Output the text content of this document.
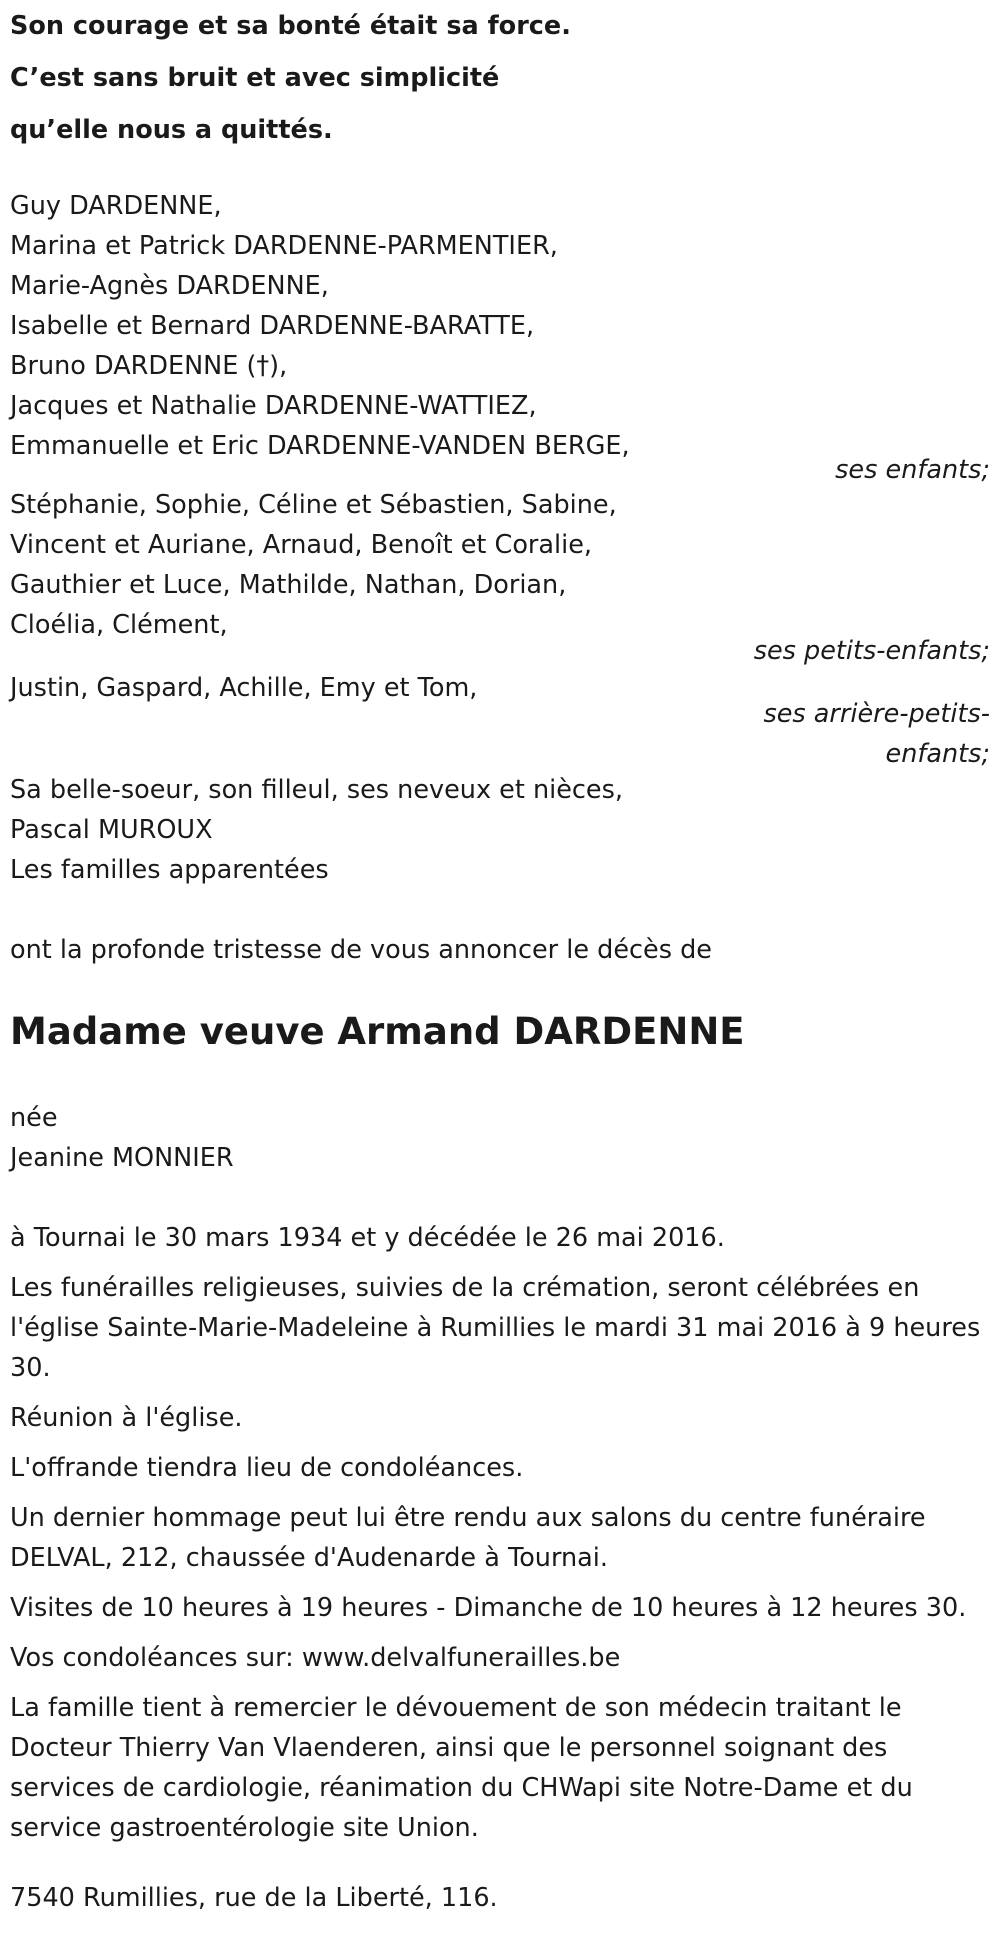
Son courage et sa bonté était sa force.
C’est sans bruit et avec simplicité
qu’elle nous a quittés.
Guy DARDENNE,
Marina et Patrick DARDENNE-PARMENTIER,
Marie-Agnès DARDENNE,
Isabelle et Bernard DARDENNE-BARATTE,
Bruno DARDENNE (†),
Jacques et Nathalie DARDENNE-WATTIEZ,
Emmanuelle et Eric DARDENNE-VANDEN BERGE,
ses enfants;
Stéphanie, Sophie, Céline et Sébastien, Sabine,
Vincent et Auriane, Arnaud, Benoît et Coralie,
Gauthier et Luce, Mathilde, Nathan, Dorian,
Cloélia, Clément,
ses petits-enfants;
Justin, Gaspard, Achille, Emy et Tom,
ses arrière-petits-
enfants;
Sa belle-soeur, son filleul, ses neveux et nièces,
Pascal MUROUX
Les familles apparentées
ont la profonde tristesse de vous annoncer le décès de
Madame veuve Armand DARDENNE
née
Jeanine MONNIER
à Tournai le 30 mars 1934 et y décédée le 26 mai 2016.
Les funérailles religieuses, suivies de la crémation, seront célébrées en l'église Sainte-Marie-Madeleine à Rumillies le mardi 31 mai 2016 à 9 heures 30.
Réunion à l'église.
L'offrande tiendra lieu de condoléances.
Un dernier hommage peut lui être rendu aux salons du centre funéraire DELVAL, 212, chaussée d'Audenarde à Tournai.
Visites de 10 heures à 19 heures - Dimanche de 10 heures à 12 heures 30.
Vos condoléances sur: www.delvalfunerailles.be
La famille tient à remercier le dévouement de son médecin traitant le Docteur Thierry Van Vlaenderen, ainsi que le personnel soignant des services de cardiologie, réanimation du CHWapi site Notre-Dame et du service gastroentérologie site Union.
7540 Rumillies, rue de la Liberté, 116.
